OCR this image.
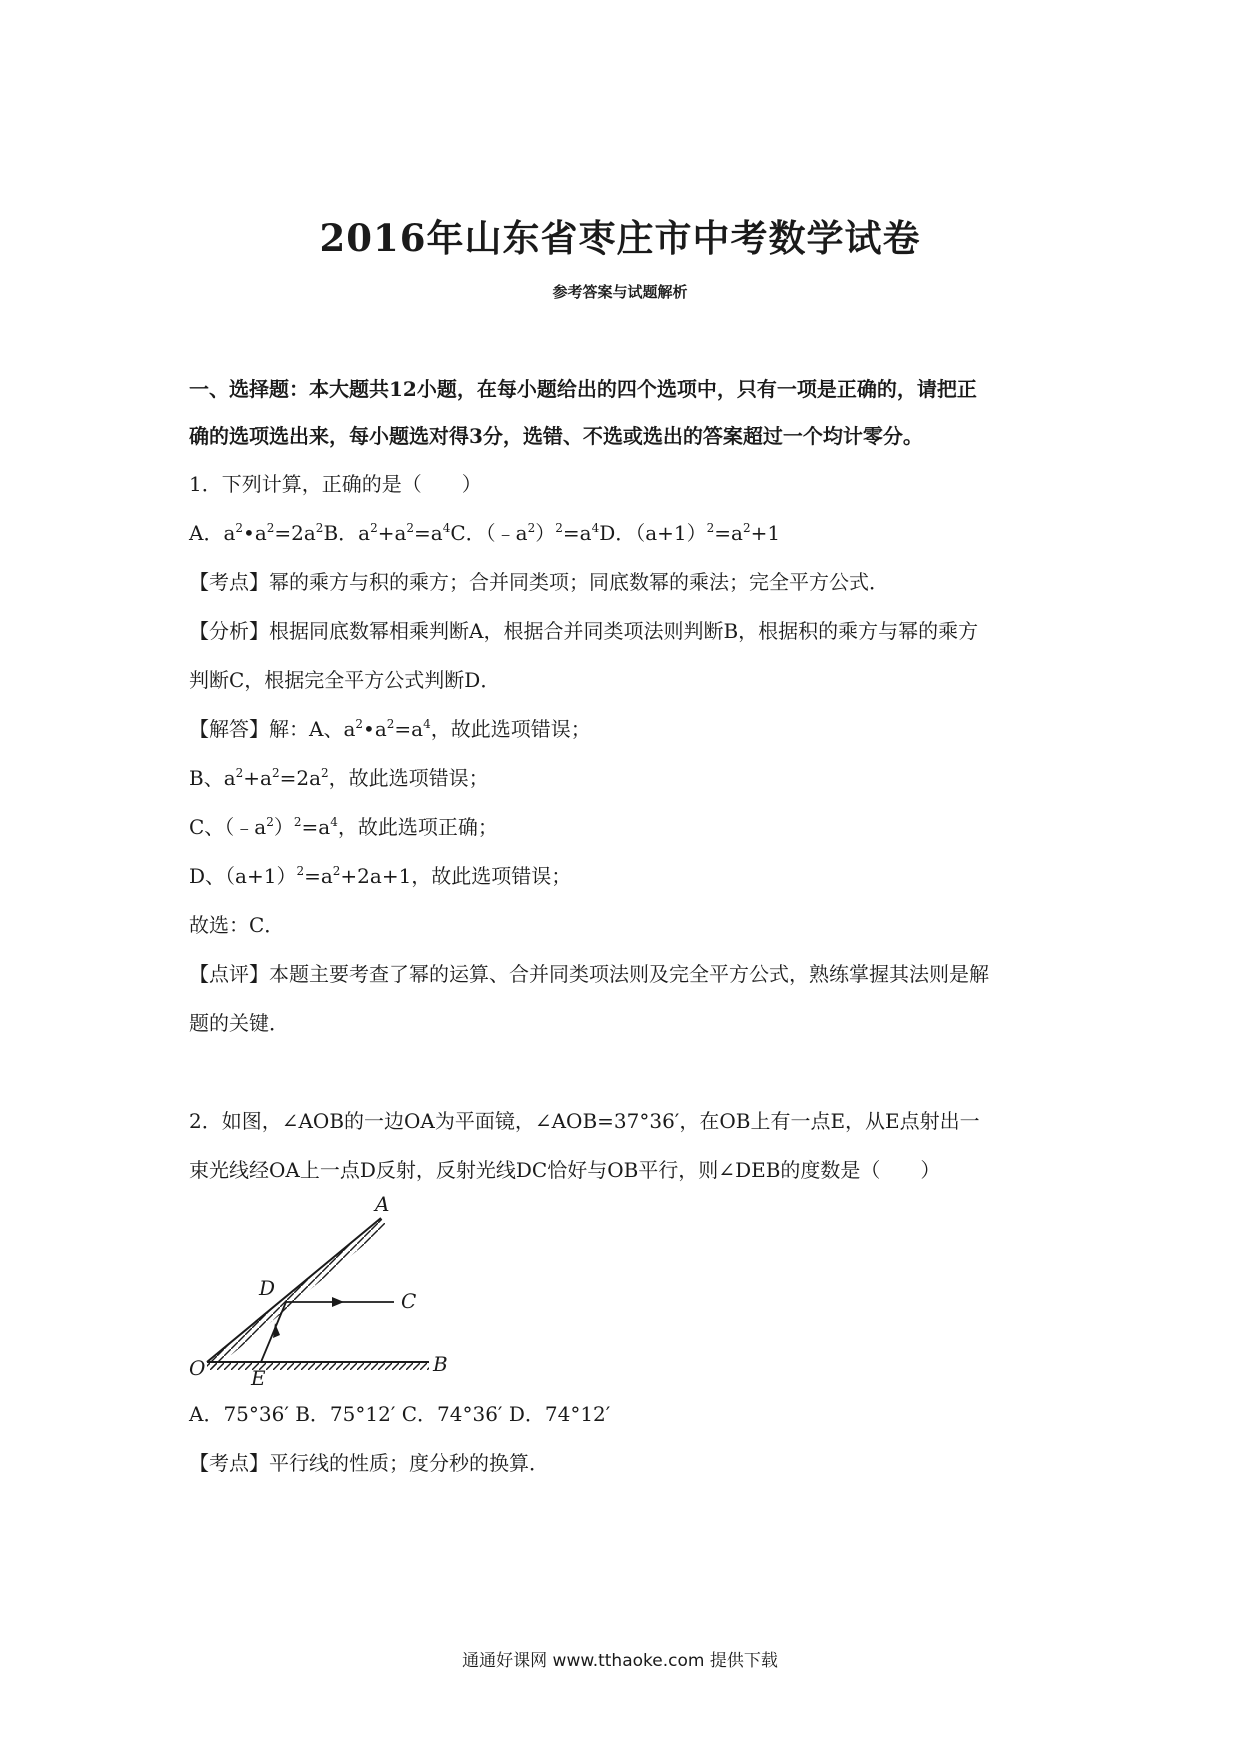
2016年山东省枣庄市中考数学试卷
参考答案与试题解析
一、选择题：本大题共12小题，在每小题给出的四个选项中，只有一项是正确的，请把正
确的选项选出来，每小题选对得3分，选错、不选或选出的答案超过一个均计零分。
1．下列计算，正确的是（　　）
A．$a^2•a^2=2a^2B$．$a^2+a^2=a^4C$．$(﹣a^2)^2=a^4D$．$(a+1)^2=a^2+1$
【考点】幂的乘方与积的乘方；合并同类项；同底数幂的乘法；完全平方公式．
【分析】根据同底数幂相乘判断A，根据合并同类项法则判断B，根据积的乘方与幂的乘方
判断C，根据完全平方公式判断D．
【解答】解：A、$a^2•a^2=a^4$，故此选项错误；
B、$a^2+a^2=2a^2$，故此选项错误；
C、$(﹣a^2)^2=a^4$，故此选项正确；
D、$(a+1)^2=a^2+2a+1$，故此选项错误；
故选：C．
【点评】本题主要考查了幂的运算、合并同类项法则及完全平方公式，熟练掌握其法则是解
题的关键．
2．如图，∠AOB的一边OA为平面镜，∠AOB=37°36′，在OB上有一点E，从E点射出一
束光线经OA上一点D反射，反射光线DC恰好与OB平行，则∠DEB的度数是（　　）
A
D
C
O E
B
A．75°36′ B．75°12′ C．74°36′ D．74°12′
【考点】平行线的性质；度分秒的换算．
通通好课网 www.tthaoke.com 提供下载
